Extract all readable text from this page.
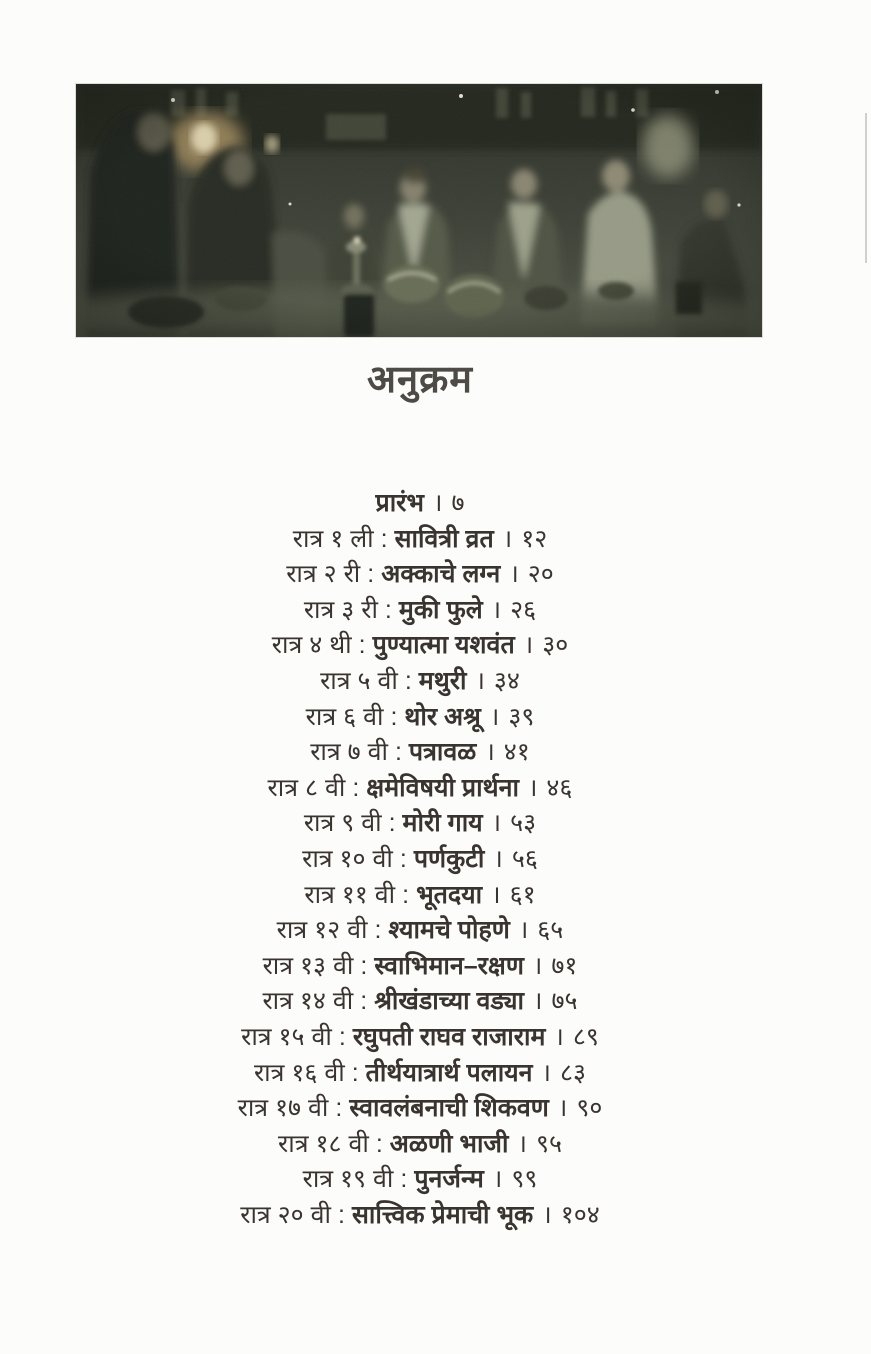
अनुक्रम
प्रारंभ । ७
रात्र १ ली : सावित्री व्रत । १२
रात्र २ री : अक्काचे लग्न । २०
रात्र ३ री : मुकी फुले । २६
रात्र ४ थी : पुण्यात्मा यशवंत । ३०
रात्र ५ वी : मथुरी । ३४
रात्र ६ वी : थोर अश्रू । ३९
रात्र ७ वी : पत्रावळ । ४१
रात्र ८ वी : क्षमेविषयी प्रार्थना । ४६
रात्र ९ वी : मोरी गाय । ५३
रात्र १० वी : पर्णकुटी । ५६
रात्र ११ वी : भूतदया । ६१
रात्र १२ वी : श्यामचे पोहणे । ६५
रात्र १३ वी : स्वाभिमान–रक्षण । ७१
रात्र १४ वी : श्रीखंडाच्या वड्या । ७५
रात्र १५ वी : रघुपती राघव राजाराम । ८९
रात्र १६ वी : तीर्थयात्रार्थ पलायन । ८३
रात्र १७ वी : स्वावलंबनाची शिकवण । ९०
रात्र १८ वी : अळणी भाजी । ९५
रात्र १९ वी : पुनर्जन्म । ९९
रात्र २० वी : सात्त्विक प्रेमाची भूक । १०४
